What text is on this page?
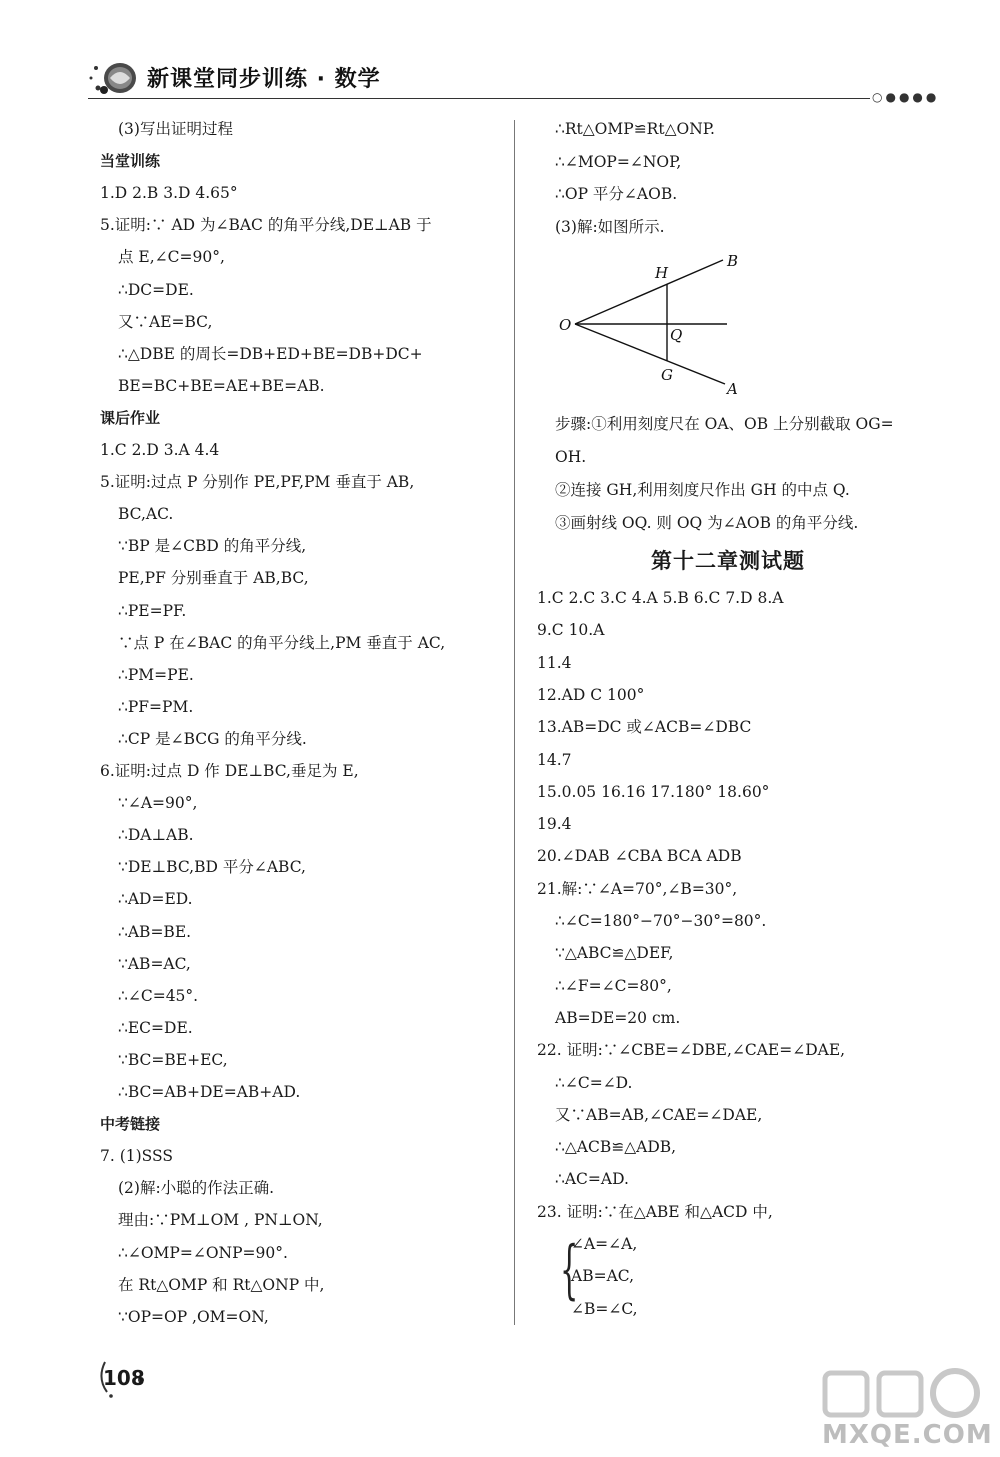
新课堂同步训练 · 数学
○●●●●
(3)写出证明过程
当堂训练
1.D 2.B 3.D 4.65°
5.证明:∵ AD 为∠BAC 的角平分线,DE⊥AB 于
点 E,∠C=90°,
∴DC=DE.
又∵AE=BC,
∴△DBE 的周长=DB+ED+BE=DB+DC+
BE=BC+BE=AE+BE=AB.
课后作业
1.C 2.D 3.A 4.4
5.证明:过点 P 分别作 PE,PF,PM 垂直于 AB,
BC,AC.
∵BP 是∠CBD 的角平分线,
PE,PF 分别垂直于 AB,BC,
∴PE=PF.
∵点 P 在∠BAC 的角平分线上,PM 垂直于 AC,
∴PM=PE.
∴PF=PM.
∴CP 是∠BCG 的角平分线.
6.证明:过点 D 作 DE⊥BC,垂足为 E,
∵∠A=90°,
∴DA⊥AB.
∵DE⊥BC,BD 平分∠ABC,
∴AD=ED.
∴AB=BE.
∵AB=AC,
∴∠C=45°.
∴EC=DE.
∵BC=BE+EC,
∴BC=AB+DE=AB+AD.
中考链接
7. (1)SSS
(2)解:小聪的作法正确.
理由:∵PM⊥OM , PN⊥ON,
∴∠OMP=∠ONP=90°.
在 Rt△OMP 和 Rt△ONP 中,
∵OP=OP ,OM=ON,
∴Rt△OMP≌Rt△ONP.
∴∠MOP=∠NOP,
∴OP 平分∠AOB.
(3)解:如图所示.
O
B
H
Q
G
A
步骤:①利用刻度尺在 OA、OB 上分别截取 OG=
OH.
②连接 GH,利用刻度尺作出 GH 的中点 Q.
③画射线 OQ. 则 OQ 为∠AOB 的角平分线.
第十二章测试题
1.C 2.C 3.C 4.A 5.B 6.C 7.D 8.A
9.C 10.A
11.4
12.AD C 100°
13.AB=DC 或∠ACB=∠DBC
14.7
15.0.05 16.16 17.180° 18.60°
19.4
20.∠DAB ∠CBA BCA ADB
21.解:∵∠A=70°,∠B=30°,
∴∠C=180°−70°−30°=80°.
∵△ABC≌△DEF,
∴∠F=∠C=80°,
AB=DE=20 cm.
22. 证明:∵∠CBE=∠DBE,∠CAE=∠DAE,
∴∠C=∠D.
又∵AB=AB,∠CAE=∠DAE,
∴△ACB≌△ADB,
∴AC=AD.
23. 证明:∵在△ABE 和△ACD 中,
∠A=∠A,
AB=AC,
∠B=∠C,
{
108
MXQE.COM
